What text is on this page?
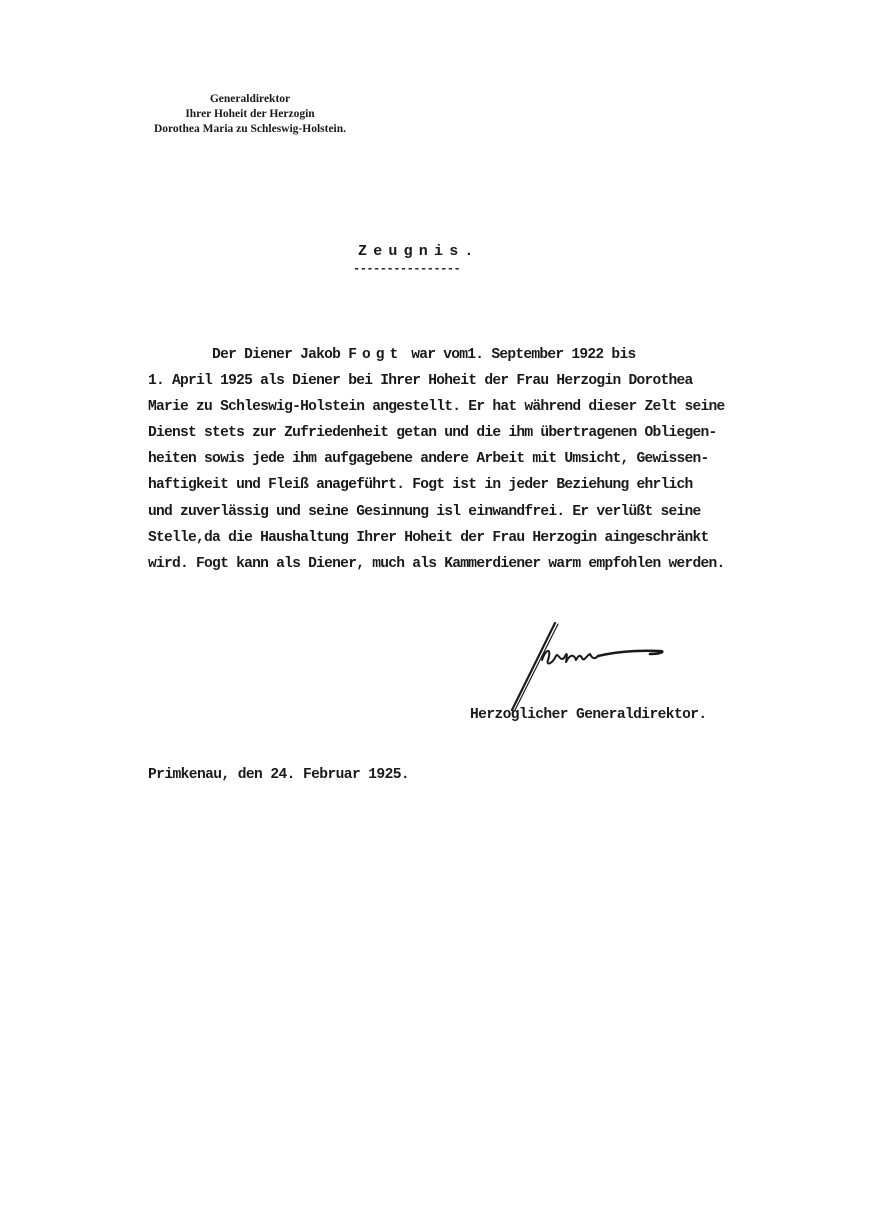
Generaldirektor
Ihrer Hoheit der Herzogin
Dorothea Maria zu Schleswig-Holstein.
Zeugnis.
----------------
Der Diener Jakob Fogt war vom1. September 1922 bis
1. April 1925 als Diener bei Ihrer Hoheit der Frau Herzogin Dorothea
Marie zu Schleswig-Holstein angestellt. Er hat während dieser Zelt seine
Dienst stets zur Zufriedenheit getan und die ihm übertragenen Obliegen-
heiten sowis jede ihm aufgagebene andere Arbeit mit Umsicht, Gewissen-
haftigkeit und Fleiß anageführt. Fogt ist in jeder Beziehung ehrlich
und zuverlässig und seine Gesinnung isl einwandfrei. Er verlüßt seine
Stelle,da die Haushaltung Ihrer Hoheit der Frau Herzogin aingeschränkt
wird. Fogt kann als Diener, much als Kammerdiener warm empfohlen werden.
Herzoglicher Generaldirektor.
Primkenau, den 24. Februar 1925.
